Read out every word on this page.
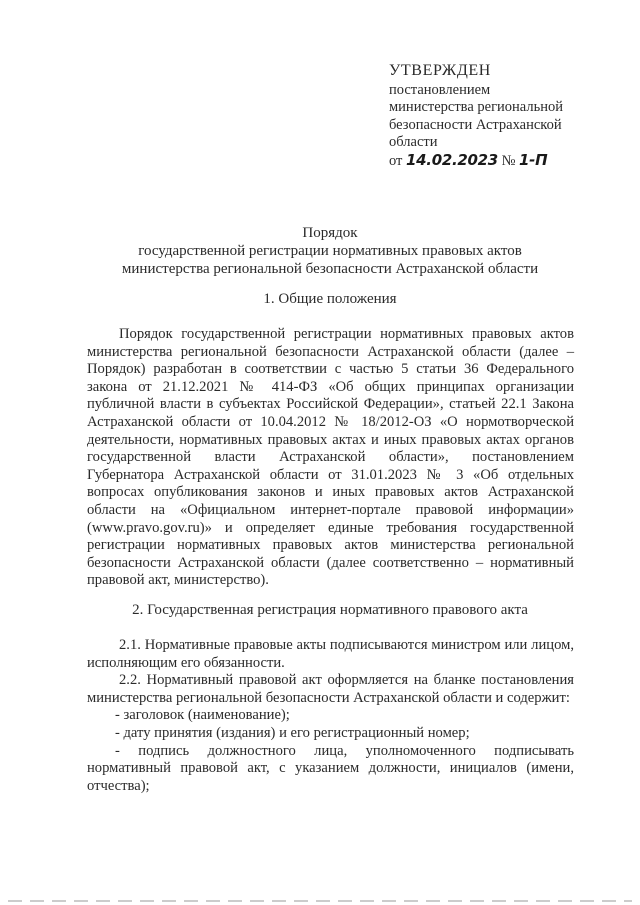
УТВЕРЖДЕН
постановлением
министерства региональной
безопасности Астраханской
области
от 14.02.2023 № 1-П
Порядок
государственной регистрации нормативных правовых актов
министерства региональной безопасности Астраханской области
1. Общие положения

Порядок государственной регистрации нормативных правовых актов министерства региональной безопасности Астраханской области (далее – Порядок) разработан в соответствии с частью 5 статьи 36 Федерального закона от 21.12.2021 № 414-ФЗ «Об общих принципах организации публичной власти в субъектах Российской Федерации», статьей 22.1 Закона Астраханской области от 10.04.2012 № 18/2012-ОЗ «О нормотворческой деятельности, нормативных правовых актах и иных правовых актах органов государственной власти Астраханской области», постановлением Губернатора Астраханской области от 31.01.2023 № 3 «Об отдельных вопросах опубликования законов и иных правовых актов Астраханской области на «Официальном интернет-портале правовой информации» (www.pravo.gov.ru)» и определяет единые требования государственной регистрации нормативных правовых актов министерства региональной безопасности Астраханской области (далее соответственно – нормативный правовой акт, министерство).

2. Государственная регистрация нормативного правового акта

2.1. Нормативные правовые акты подписываются министром или лицом, исполняющим его обязанности.

2.2. Нормативный правовой акт оформляется на бланке постановления министерства региональной безопасности Астраханской области и содержит:

- заголовок (наименование);

- дату принятия (издания) и его регистрационный номер;

- подпись должностного лица, уполномоченного подписывать нормативный правовой акт, с указанием должности, инициалов (имени, отчества);
